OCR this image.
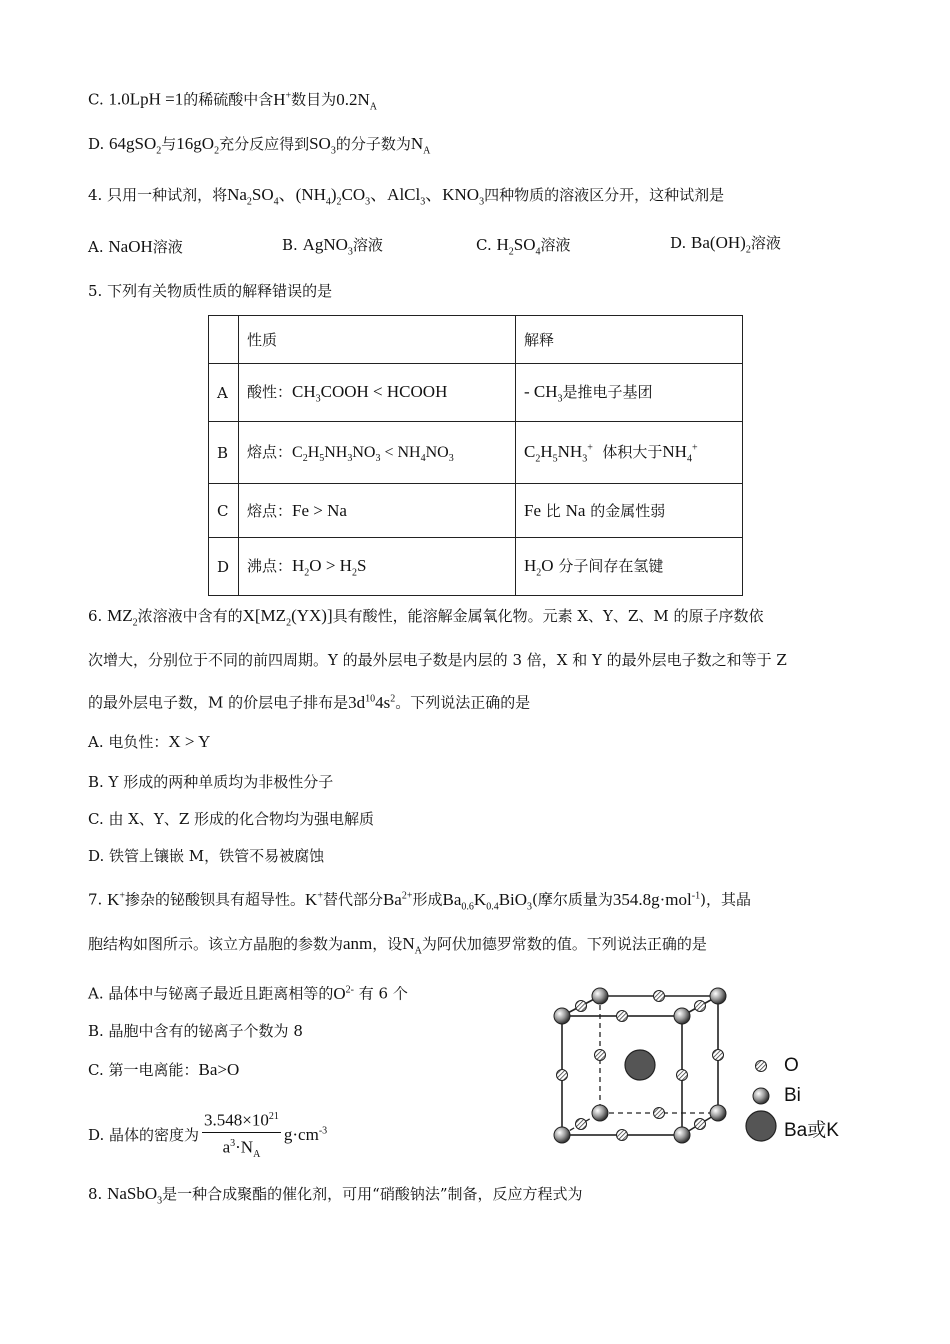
C. 1.0LpH =1的稀硫酸中含H+数目为$0.2N_A$
D. 64gSO$_2$与$16gO_2$充分反应得到$SO_3$的分子数为$N_A$
4. 只用一种试剂，将$Na_2SO_4$、$(NH_4)_2CO_3$、AlCl$_3$、$KNO_3$四种物质的溶液区分开，这种试剂是
A. NaOH溶液	B. AgNO$_3$溶液	C. $H_2SO_4$溶液	D. $Ba(OH)_2$溶液
5. 下列有关物质性质的解释错误的是
	性质	解释
A	酸性：$CH_3COOH$ < HCOOH	- $CH_3$是推电子基团
B	熔点：$C_2H_5NH_3NO_3 < NH_4NO_3$	$C_2H_5NH_3^+$ 体积大于$NH_4^+$
C	熔点：Fe > Na	Fe 比 Na 的金属性弱
D	沸点：$H_2O > H_2S$	$H_2O$ 分子间存在氢键
6. $MZ_2$浓溶液中含有的$X[MZ_2(YX)]$具有酸性，能溶解金属氧化物。元素 X、Y、Z、M 的原子序数依
次增大，分别位于不同的前四周期。Y 的最外层电子数是内层的 3 倍，X 和 Y 的最外层电子数之和等于 Z
的最外层电子数，M 的价层电子排布是$3d^{10}4s^2$。下列说法正确的是
A. 电负性：X > Y
B. Y 形成的两种单质均为非极性分子
C. 由 X、Y、Z 形成的化合物均为强电解质
D. 铁管上镶嵌 M，铁管不易被腐蚀
7. K+掺杂的铋酸钡具有超导性。K+替代部分$Ba^{2+}$形成$Ba_{0.6}K_{0.4}BiO_3$(摩尔质量为354.8g·mol$^{-1}$)，其晶
胞结构如图所示。该立方晶胞的参数为anm，设$N_A$为阿伏加德罗常数的值。下列说法正确的是
A. 晶体中与铋离子最近且距离相等的$O^{2-}$ 有 6 个
B. 晶胞中含有的铋离子个数为 8
C. 第一电离能：Ba>O
D. 晶体的密度为 $\frac{3.548\times 10^{21}}{a^3\cdot N_A} g\cdot cm^{-3}$
O
Bi
Ba或K
8. NaSbO$_3$是一种合成聚酯的催化剂，可用“硝酸钠法”制备，反应方程式为
